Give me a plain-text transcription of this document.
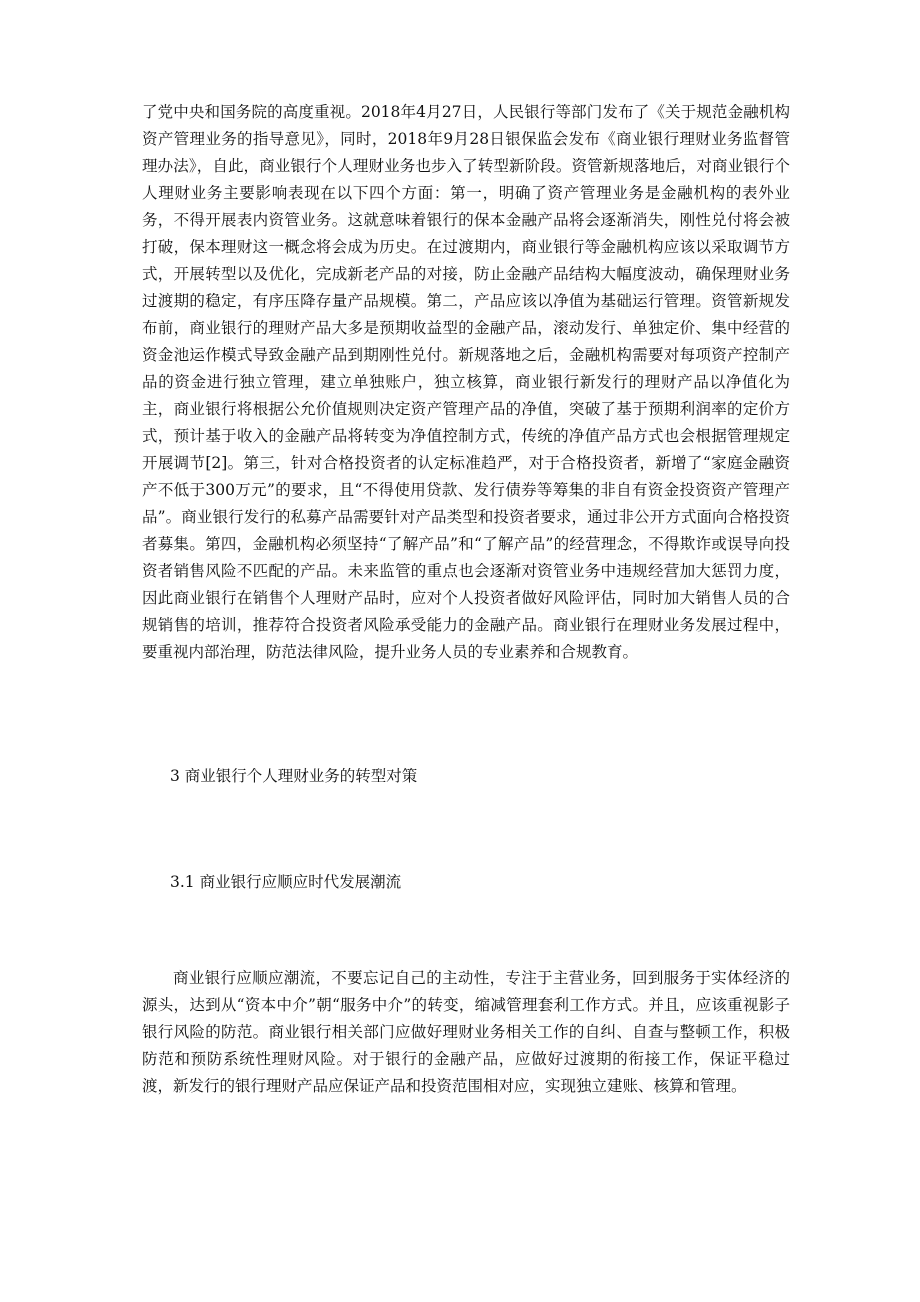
了党中央和国务院的高度重视。2018年4月27日，人民银行等部门发布了《关于规范金融机构资产管理业务的指导意见》，同时，2018年9月28日银保监会发布《商业银行理财业务监督管理办法》，自此，商业银行个人理财业务也步入了转型新阶段。资管新规落地后，对商业银行个人理财业务主要影响表现在以下四个方面：第一，明确了资产管理业务是金融机构的表外业务，不得开展表内资管业务。这就意味着银行的保本金融产品将会逐渐消失，刚性兑付将会被打破，保本理财这一概念将会成为历史。在过渡期内，商业银行等金融机构应该以采取调节方式，开展转型以及优化，完成新老产品的对接，防止金融产品结构大幅度波动，确保理财业务过渡期的稳定，有序压降存量产品规模。第二，产品应该以净值为基础运行管理。资管新规发布前，商业银行的理财产品大多是预期收益型的金融产品，滚动发行、单独定价、集中经营的资金池运作模式导致金融产品到期刚性兑付。新规落地之后，金融机构需要对每项资产控制产品的资金进行独立管理，建立单独账户，独立核算，商业银行新发行的理财产品以净值化为主，商业银行将根据公允价值规则决定资产管理产品的净值，突破了基于预期利润率的定价方式，预计基于收入的金融产品将转变为净值控制方式，传统的净值产品方式也会根据管理规定开展调节[2]。第三，针对合格投资者的认定标准趋严，对于合格投资者，新增了“家庭金融资产不低于300万元”的要求，且“不得使用贷款、发行债券等筹集的非自有资金投资资产管理产品”。商业银行发行的私募产品需要针对产品类型和投资者要求，通过非公开方式面向合格投资者募集。第四，金融机构必须坚持“了解产品”和“了解产品”的经营理念，不得欺诈或误导向投资者销售风险不匹配的产品。未来监管的重点也会逐渐对资管业务中违规经营加大惩罚力度，因此商业银行在销售个人理财产品时，应对个人投资者做好风险评估，同时加大销售人员的合规销售的培训，推荐符合投资者风险承受能力的金融产品。商业银行在理财业务发展过程中，要重视内部治理，防范法律风险，提升业务人员的专业素养和合规教育。

3 商业银行个人理财业务的转型对策

3.1 商业银行应顺应时代发展潮流

商业银行应顺应潮流，不要忘记自己的主动性，专注于主营业务，回到服务于实体经济的源头，达到从“资本中介”朝“服务中介”的转变，缩减管理套利工作方式。并且，应该重视影子银行风险的防范。商业银行相关部门应做好理财业务相关工作的自纠、自查与整顿工作，积极防范和预防系统性理财风险。对于银行的金融产品，应做好过渡期的衔接工作，保证平稳过渡，新发行的银行理财产品应保证产品和投资范围相对应，实现独立建账、核算和管理。
